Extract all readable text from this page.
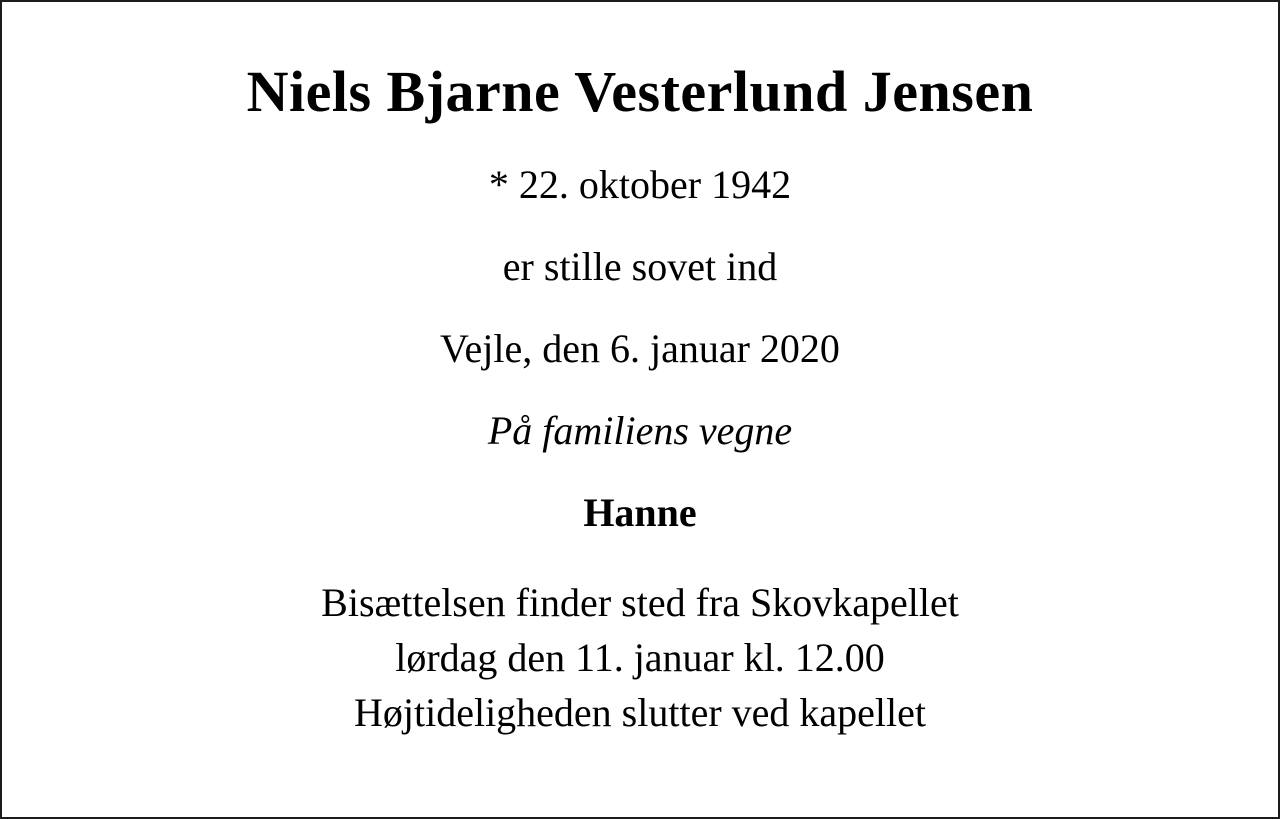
Niels Bjarne Vesterlund Jensen

* 22. oktober 1942

er stille sovet ind

Vejle, den 6. januar 2020

På familiens vegne

Hanne

Bisættelsen finder sted fra Skovkapellet
lørdag den 11. januar kl. 12.00
Højtideligheden slutter ved kapellet
